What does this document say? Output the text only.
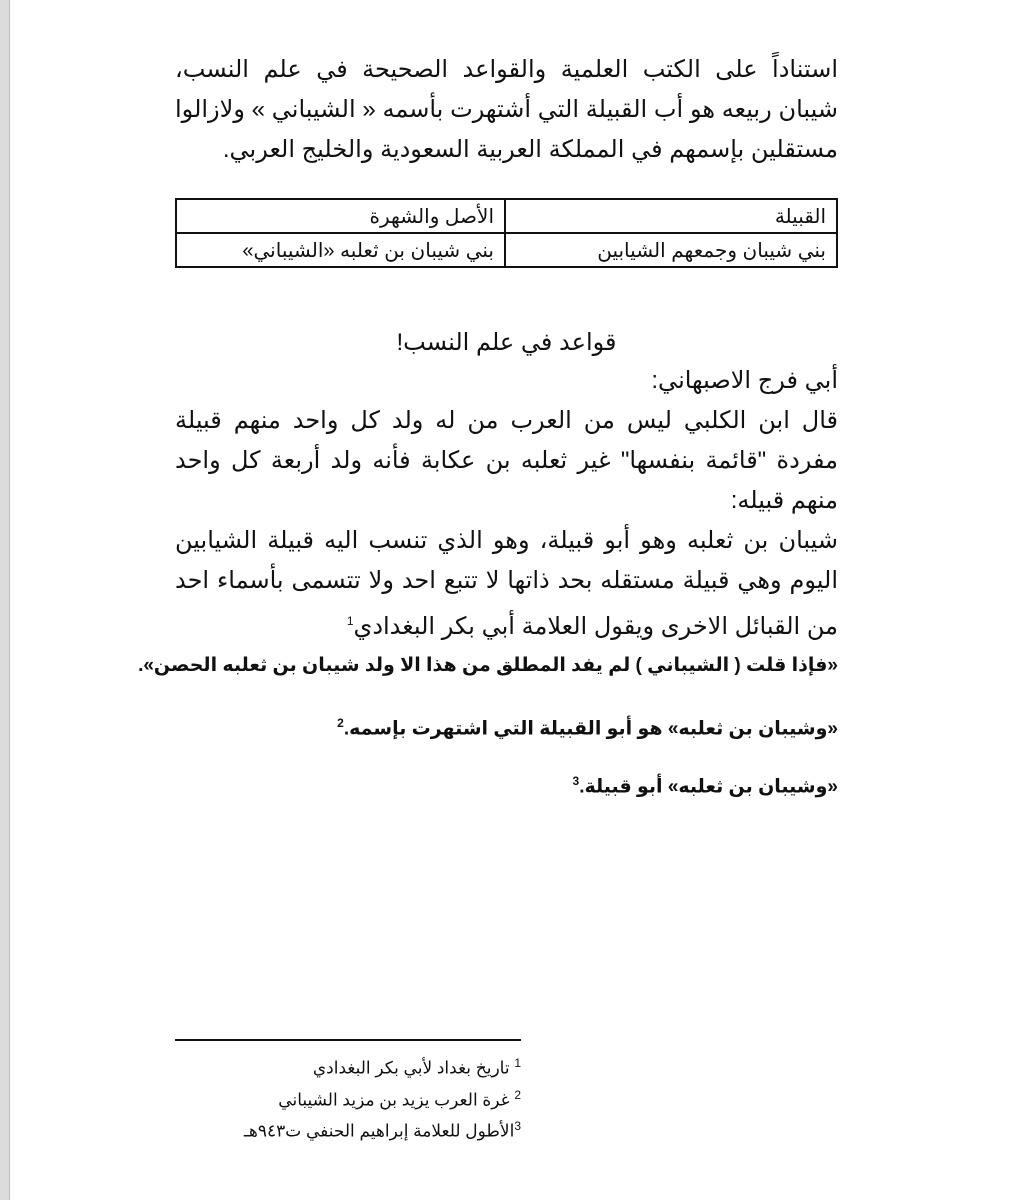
استناداً على الكتب العلمية والقواعد الصحيحة في علم النسب، شيبان ربيعه هو أب القبيلة التي أشتهرت بأسمه « الشيباني » ولازالوا مستقلين بإسمهم في المملكة العربية السعودية والخليج العربي.

القبيلة	الأصل والشهرة
بني شيبان وجمعهم الشيابين	بني شيبان بن ثعلبه «الشيباني»

قواعد في علم النسب!

أبي فرج الاصبهاني:

قال ابن الكلبي ليس من العرب من له ولد كل واحد منهم قبيلة مفردة "قائمة بنفسها" غير ثعلبه بن عكابة فأنه ولد أربعة كل واحد منهم قبيله:

شيبان بن ثعلبه وهو أبو قبيلة، وهو الذي تنسب اليه قبيلة الشيابين اليوم وهي قبيلة مستقله بحد ذاتها لا تتبع احد ولا تتسمى بأسماء احد من القبائل الاخرى ويقول العلامة أبي بكر البغدادي$^1$

«فإذا قلت ( الشيباني ) لم يفد المطلق من هذا الا ولد شيبان بن ثعلبه الحصن».
«وشيبان بن ثعلبه» هو أبو القبيلة التي اشتهرت بإسمه.$^2$
«وشيبان بن ثعلبه» أبو قبيلة.$^3$

$^1$ تاريخ بغداد لأبي بكر البغدادي

$^2$ غرة العرب يزيد بن مزيد الشيباني

$^3$الأطول للعلامة إبراهيم الحنفي ت٩٤٣هـ
